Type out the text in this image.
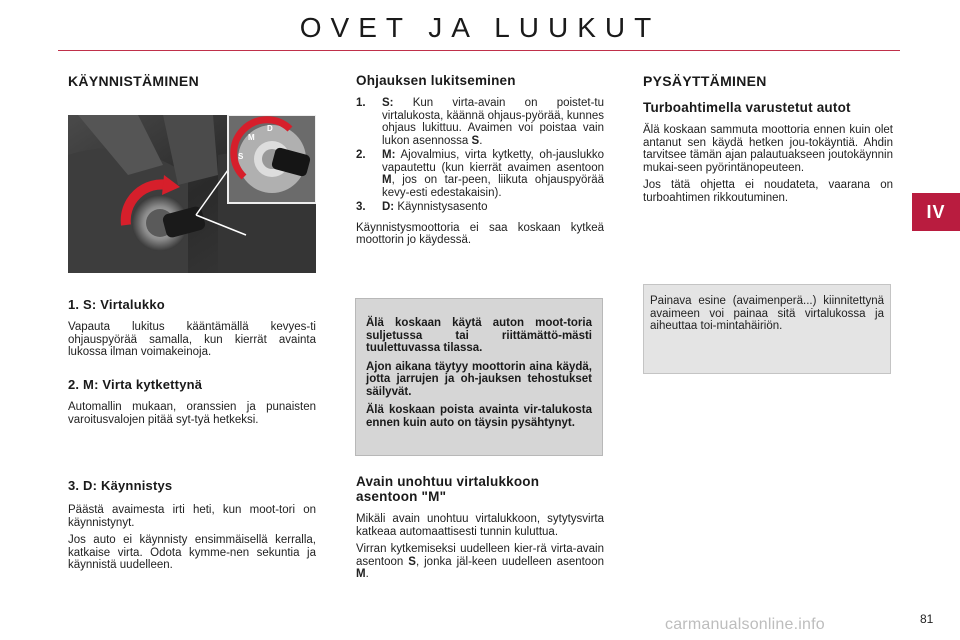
OVET JA LUUKUT
IV
KÄYNNISTÄMINEN
S
M
D
1. S: Virtalukko

Vapauta lukitus kääntämällä kevyes-ti ohjauspyörää samalla, kun kierrät avainta lukossa ilman voimakeinoja.

2. M: Virta kytkettynä

Automallin mukaan, oranssien ja punaisten varoitusvalojen pitää syt-tyä hetkeksi.

3. D: Käynnistys

Päästä avaimesta irti heti, kun moot-tori on käynnistynyt.

Jos auto ei käynnisty ensimmäisellä kerralla, katkaise virta. Odota kymme-nen sekuntia ja käynnistä uudelleen.

Ohjauksen lukitseminen
1.	S: Kun virta-avain on poistet-tu virtalukosta, käännä ohjaus-pyörää, kunnes ohjaus lukittuu. Avaimen voi poistaa vain lukon asennossa S.
2.	M: Ajovalmius, virta kytketty, oh-jauslukko vapautettu (kun kierrät avaimen asentoon M, jos on tar-peen, liikuta ohjauspyörää kevy-esti edestakaisin).
3.	D: Käynnistysasento

Käynnistysmoottoria ei saa koskaan kytkeä moottorin jo käydessä.

Älä koskaan käytä auton moot-toria suljetussa tai riittämättö-mästi tuulettuvassa tilassa.

Ajon aikana täytyy moottorin aina käydä, jotta jarrujen ja oh-jauksen tehostukset säilyvät.

Älä koskaan poista avainta vir-talukosta ennen kuin auto on täysin pysähtynyt.

Avain unohtuu virtalukkoon asentoon "M"

Mikäli avain unohtuu virtalukkoon, sytytysvirta katkeaa automaattisesti tunnin kuluttua.

Virran kytkemiseksi uudelleen kier-rä virta-avain asentoon S, jonka jäl-keen uudelleen asentoon M.

PYSÄYTTÄMINEN
Turboahtimella varustetut autot

Älä koskaan sammuta moottoria ennen kuin olet antanut sen käydä hetken jou-tokäyntiä. Ahdin tarvitsee tämän ajan palautuakseen joutokäynnin mukai-seen pyörintänopeuteen.

Jos tätä ohjetta ei noudateta, vaarana on turboahtimen rikkoutuminen.

Painava esine (avaimenperä...) kiinnitettynä avaimeen voi painaa sitä virtalukossa ja aiheuttaa toi-mintahäiriön.

carmanualsonline.info	81
